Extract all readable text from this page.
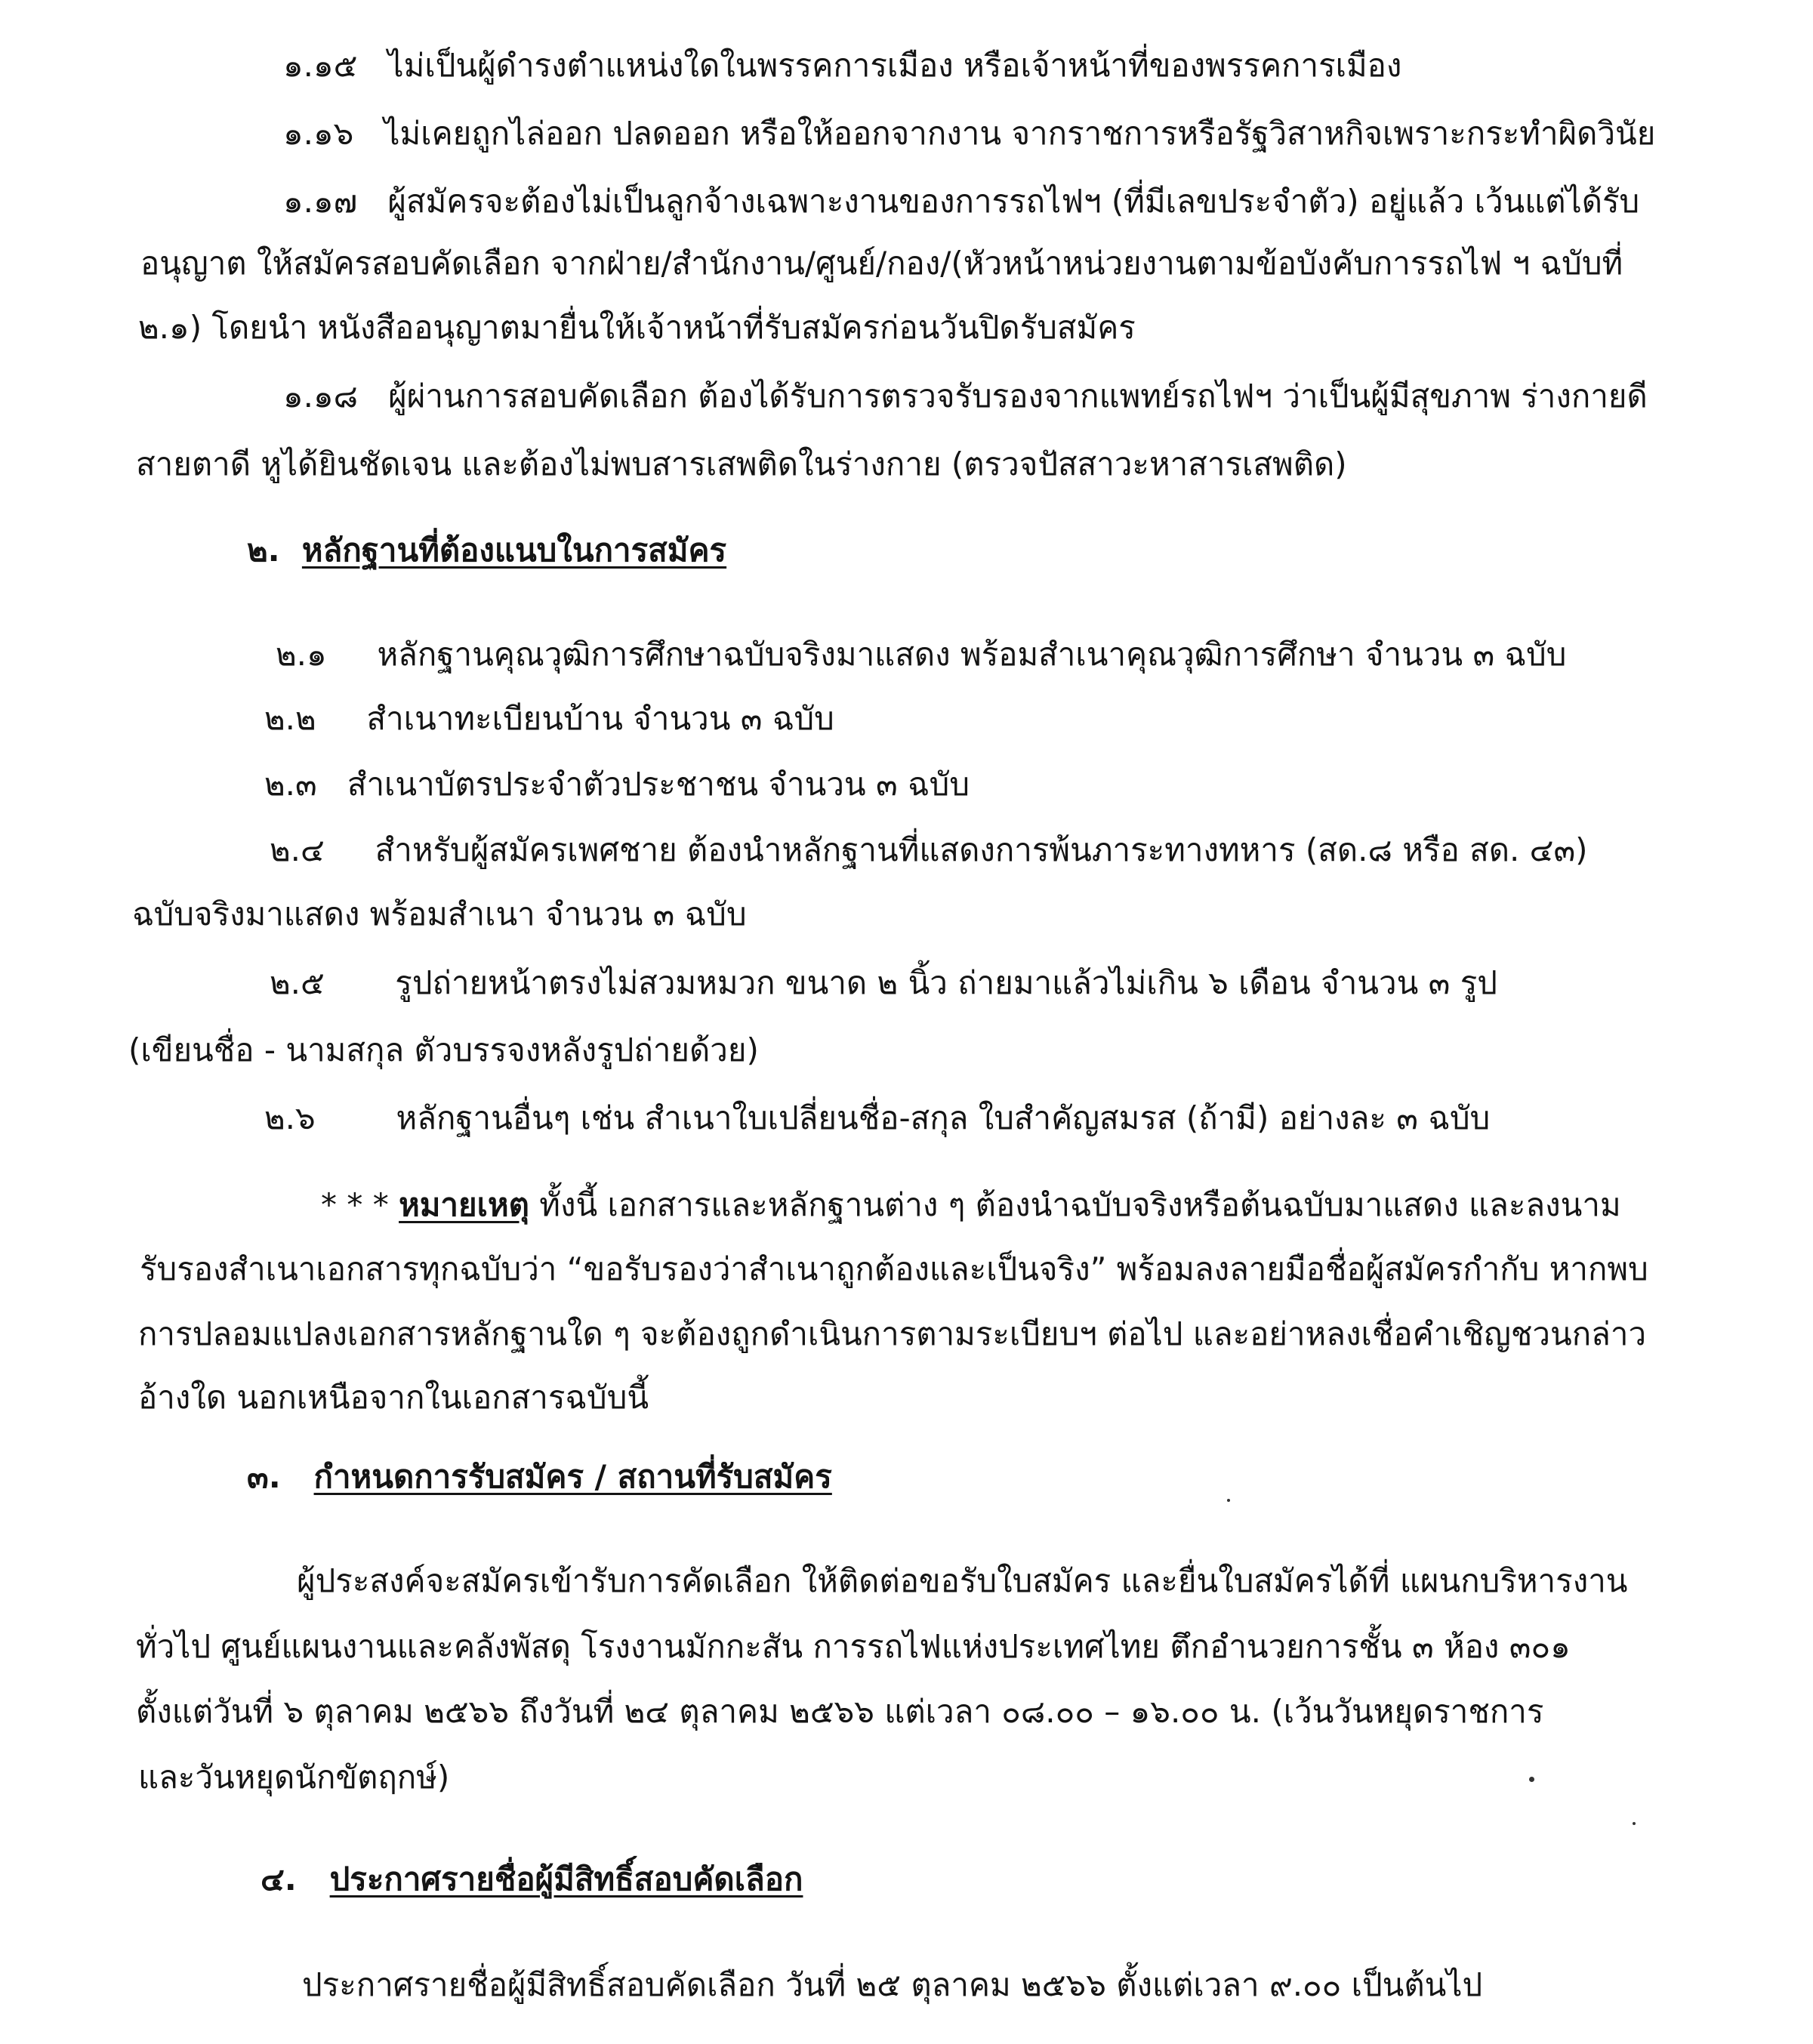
๑.๑๕ ไม่เป็นผู้ดำรงตำแหน่งใดในพรรคการเมือง หรือเจ้าหน้าที่ของพรรคการเมือง
๑.๑๖ ไม่เคยถูกไล่ออก ปลดออก หรือให้ออกจากงาน จากราชการหรือรัฐวิสาหกิจเพราะกระทำผิดวินัย
๑.๑๗ ผู้สมัครจะต้องไม่เป็นลูกจ้างเฉพาะงานของการรถไฟฯ (ที่มีเลขประจำตัว) อยู่แล้ว เว้นแต่ได้รับ
อนุญาต ให้สมัครสอบคัดเลือก จากฝ่าย/สำนักงาน/ศูนย์/กอง/(หัวหน้าหน่วยงานตามข้อบังคับการรถไฟ ฯ ฉบับที่
๒.๑) โดยนำ หนังสืออนุญาตมายื่นให้เจ้าหน้าที่รับสมัครก่อนวันปิดรับสมัคร
๑.๑๘ ผู้ผ่านการสอบคัดเลือก ต้องได้รับการตรวจรับรองจากแพทย์รถไฟฯ ว่าเป็นผู้มีสุขภาพ ร่างกายดี
สายตาดี หูได้ยินชัดเจน และต้องไม่พบสารเสพติดในร่างกาย (ตรวจปัสสาวะหาสารเสพติด)
๒. หลักฐานที่ต้องแนบในการสมัคร
๒.๑ หลักฐานคุณวุฒิการศึกษาฉบับจริงมาแสดง พร้อมสำเนาคุณวุฒิการศึกษา จำนวน ๓ ฉบับ
๒.๒ สำเนาทะเบียนบ้าน จำนวน ๓ ฉบับ
๒.๓ สำเนาบัตรประจำตัวประชาชน จำนวน ๓ ฉบับ
๒.๔ สำหรับผู้สมัครเพศชาย ต้องนำหลักฐานที่แสดงการพ้นภาระทางทหาร (สด.๘ หรือ สด. ๔๓)
ฉบับจริงมาแสดง พร้อมสำเนา จำนวน ๓ ฉบับ
๒.๕ รูปถ่ายหน้าตรงไม่สวมหมวก ขนาด ๒ นิ้ว ถ่ายมาแล้วไม่เกิน ๖ เดือน จำนวน ๓ รูป
(เขียนชื่อ - นามสกุล ตัวบรรจงหลังรูปถ่ายด้วย)
๒.๖	หลักฐานอื่นๆ เช่น สำเนาใบเปลี่ยนชื่อ-สกุล ใบสำคัญสมรส (ถ้ามี) อย่างละ ๓ ฉบับ
* * * หมายเหตุ ทั้งนี้ เอกสารและหลักฐานต่าง ๆ ต้องนำฉบับจริงหรือต้นฉบับมาแสดง และลงนาม
รับรองสำเนาเอกสารทุกฉบับว่า “ขอรับรองว่าสำเนาถูกต้องและเป็นจริง” พร้อมลงลายมือชื่อผู้สมัครกำกับ หากพบ
การปลอมแปลงเอกสารหลักฐานใด ๆ จะต้องถูกดำเนินการตามระเบียบฯ ต่อไป และอย่าหลงเชื่อคำเชิญชวนกล่าว
อ้างใด นอกเหนือจากในเอกสารฉบับนี้
๓. กำหนดการรับสมัคร / สถานที่รับสมัคร
ผู้ประสงค์จะสมัครเข้ารับการคัดเลือก ให้ติดต่อขอรับใบสมัคร และยื่นใบสมัครได้ที่ แผนกบริหารงาน
ทั่วไป ศูนย์แผนงานและคลังพัสดุ โรงงานมักกะสัน การรถไฟแห่งประเทศไทย ตึกอำนวยการชั้น ๓ ห้อง ๓๐๑
ตั้งแต่วันที่ ๖ ตุลาคม ๒๕๖๖ ถึงวันที่ ๒๔ ตุลาคม ๒๕๖๖ แต่เวลา ๐๘.๐๐ – ๑๖.๐๐ น. (เว้นวันหยุดราชการ
และวันหยุดนักขัตฤกษ์)
๔. ประกาศรายชื่อผู้มีสิทธิ์สอบคัดเลือก
ประกาศรายชื่อผู้มีสิทธิ์สอบคัดเลือก วันที่ ๒๕ ตุลาคม ๒๕๖๖ ตั้งแต่เวลา ๙.๐๐ เป็นต้นไป
